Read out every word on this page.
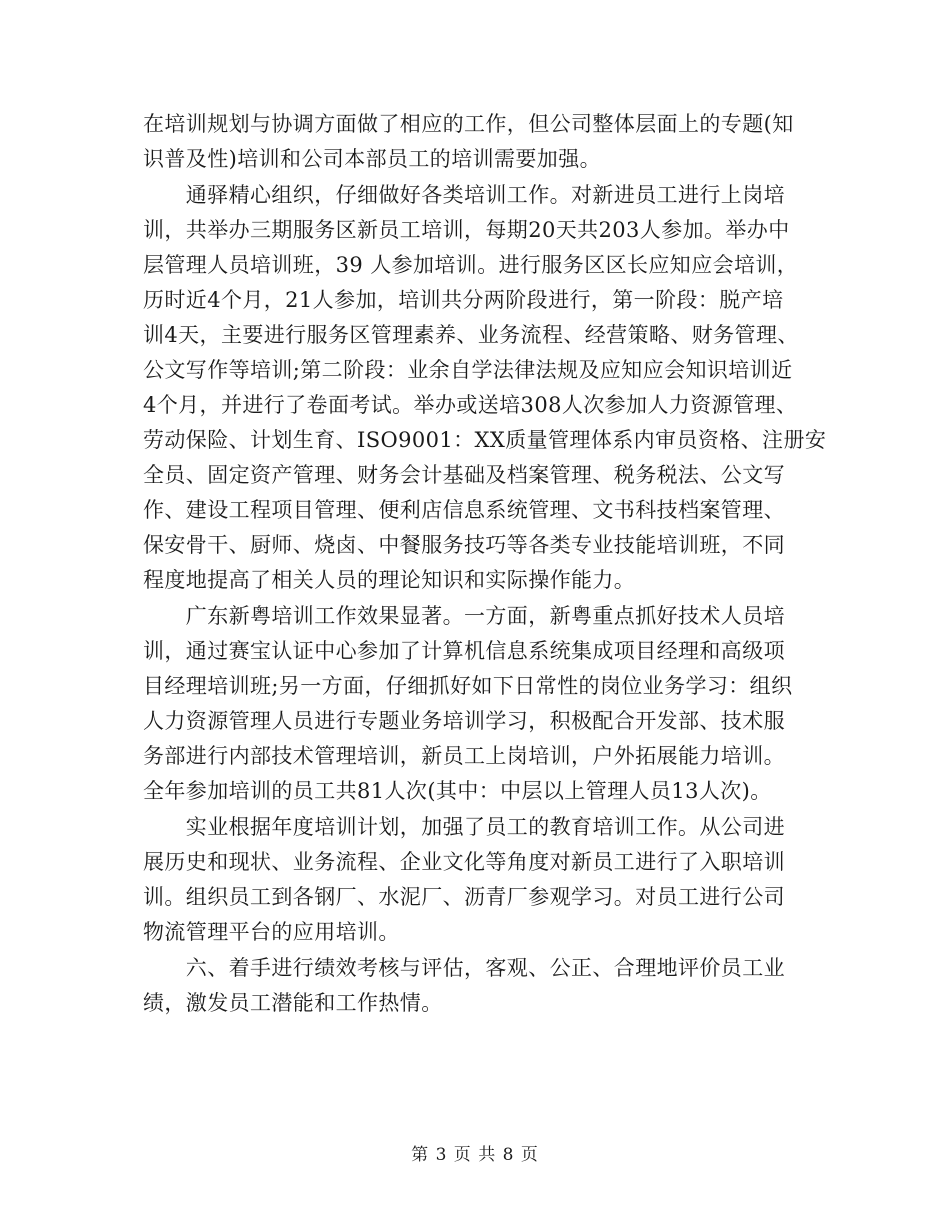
在培训规划与协调方面做了相应的工作，但公司整体层面上的专题(知
识普及性)培训和公司本部员工的培训需要加强。

　　通驿精心组织，仔细做好各类培训工作。对新进员工进行上岗培
训，共举办三期服务区新员工培训，每期20天共203人参加。举办中
层管理人员培训班，39 人参加培训。进行服务区区长应知应会培训，
历时近4个月，21人参加，培训共分两阶段进行，第一阶段：脱产培
训4天，主要进行服务区管理素养、业务流程、经营策略、财务管理、
公文写作等培训;第二阶段：业余自学法律法规及应知应会知识培训近
4个月，并进行了卷面考试。举办或送培308人次参加人力资源管理、
劳动保险、计划生育、ISO9001：XX质量管理体系内审员资格、注册安
全员、固定资产管理、财务会计基础及档案管理、税务税法、公文写
作、建设工程项目管理、便利店信息系统管理、文书科技档案管理、
保安骨干、厨师、烧卤、中餐服务技巧等各类专业技能培训班，不同
程度地提高了相关人员的理论知识和实际操作能力。

　　广东新粤培训工作效果显著。一方面，新粤重点抓好技术人员培
训，通过赛宝认证中心参加了计算机信息系统集成项目经理和高级项
目经理培训班;另一方面，仔细抓好如下日常性的岗位业务学习：组织
人力资源管理人员进行专题业务培训学习，积极配合开发部、技术服
务部进行内部技术管理培训，新员工上岗培训，户外拓展能力培训。
全年参加培训的员工共81人次(其中：中层以上管理人员13人次)。

　　实业根据年度培训计划，加强了员工的教育培训工作。从公司进
展历史和现状、业务流程、企业文化等角度对新员工进行了入职培训
训。组织员工到各钢厂、水泥厂、沥青厂参观学习。对员工进行公司
物流管理平台的应用培训。

　　六、着手进行绩效考核与评估，客观、公正、合理地评价员工业
绩，激发员工潜能和工作热情。

第 3 页 共 8 页
